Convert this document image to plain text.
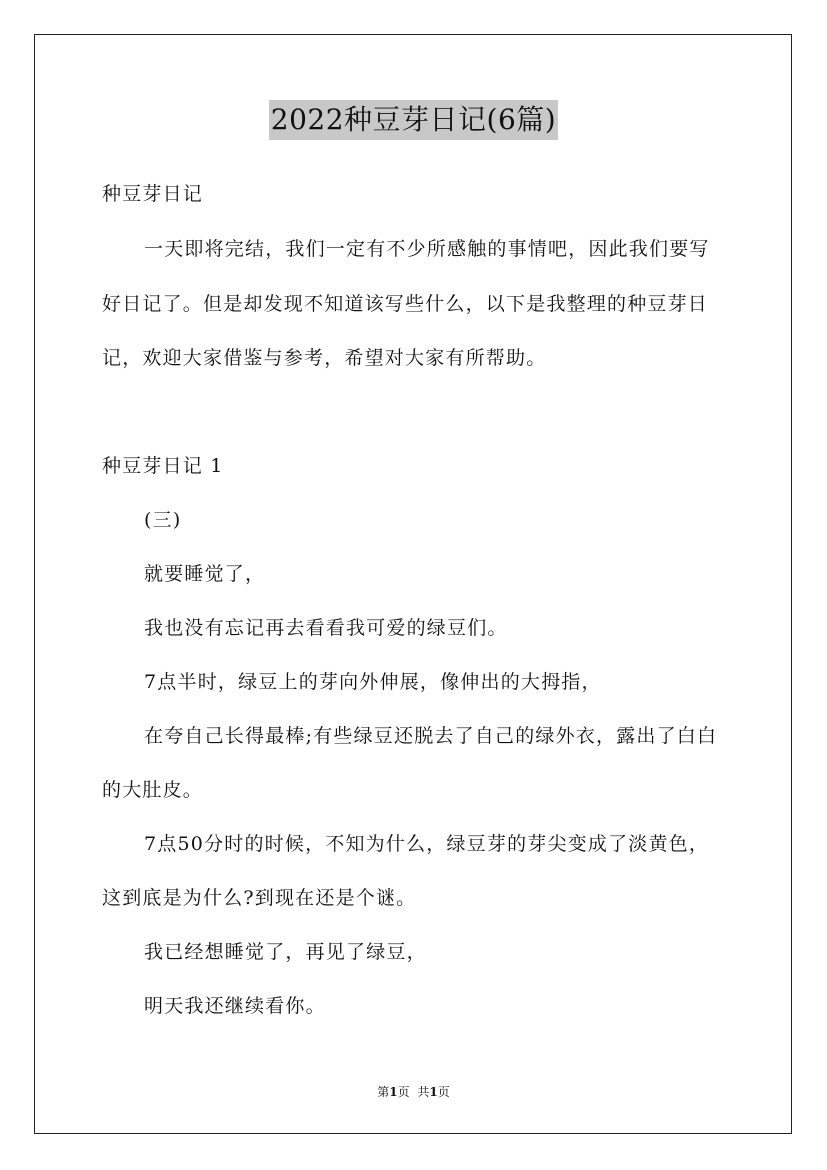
2022种豆芽日记(6篇)
种豆芽日记
一天即将完结，我们一定有不少所感触的事情吧，因此我们要写
好日记了。但是却发现不知道该写些什么，以下是我整理的种豆芽日
记，欢迎大家借鉴与参考，希望对大家有所帮助。
种豆芽日记 1
(三)
就要睡觉了，
我也没有忘记再去看看我可爱的绿豆们。
7点半时，绿豆上的芽向外伸展，像伸出的大拇指，
在夸自己长得最棒;有些绿豆还脱去了自己的绿外衣，露出了白白
的大肚皮。
7点50分时的时候，不知为什么，绿豆芽的芽尖变成了淡黄色，
这到底是为什么?到现在还是个谜。
我已经想睡觉了，再见了绿豆，
明天我还继续看你。
第1页 共1页
